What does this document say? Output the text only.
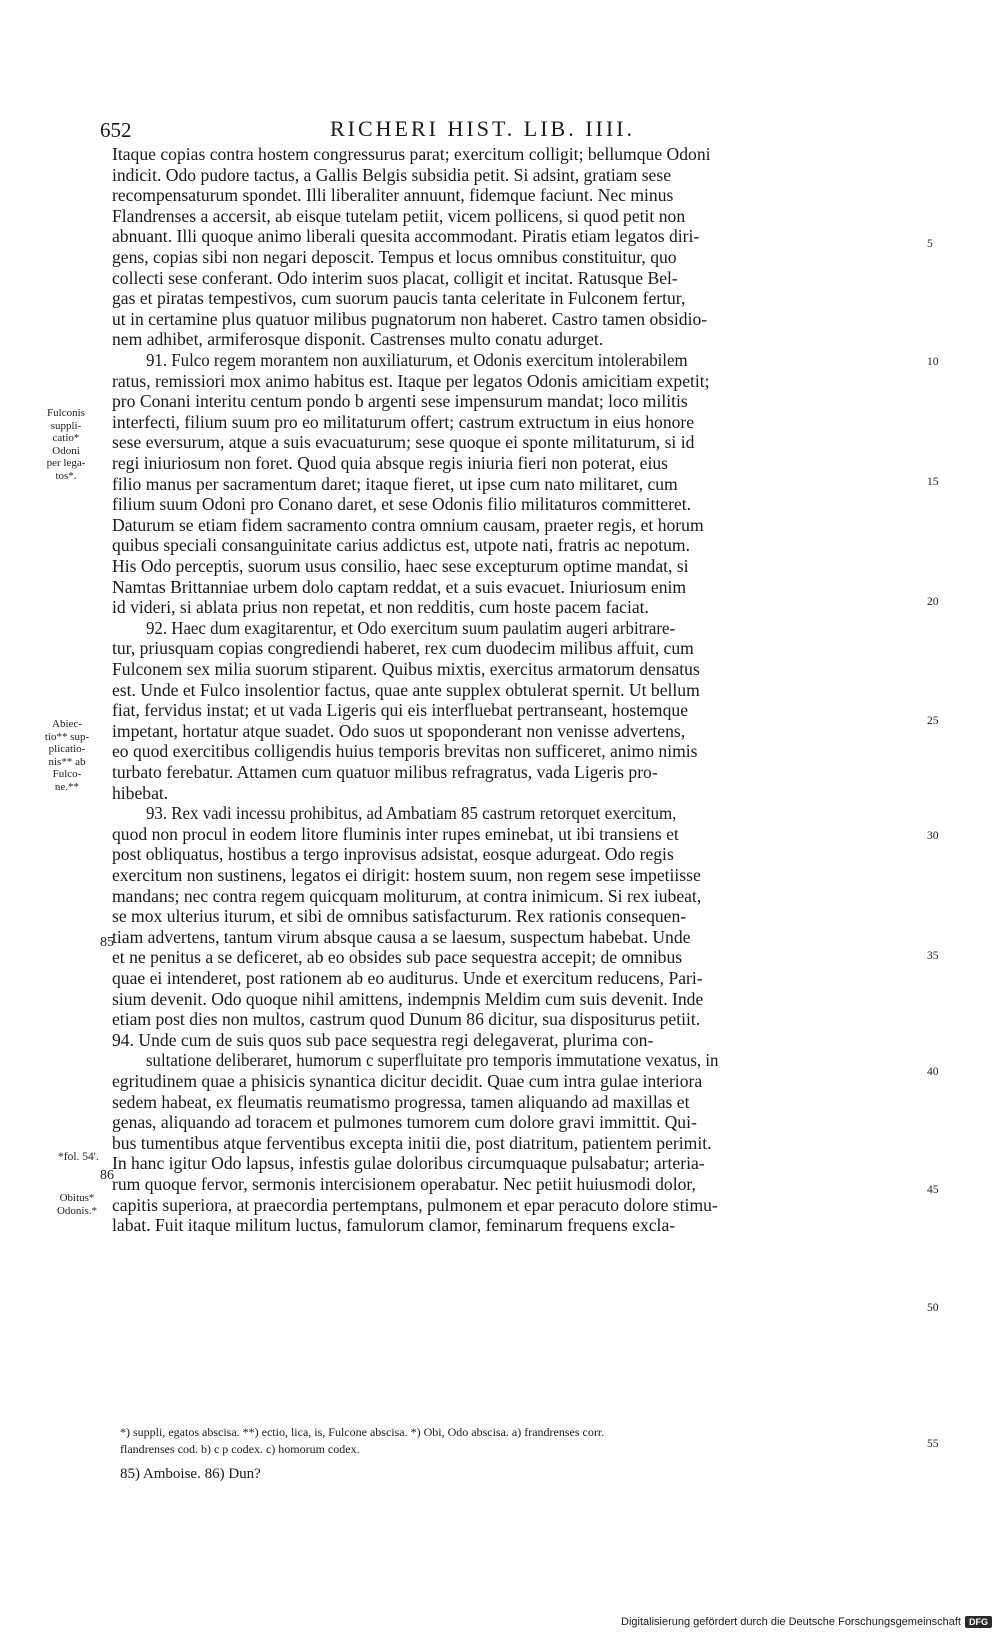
652	RICHERI HIST. LIB. IIII.
Itaque copias contra hostem congressurus parat; exercitum colligit; bellumque Odoni
indicit. Odo pudore tactus, a Gallis Belgis subsidia petit. Si adsint, gratiam sese
recompensaturum spondet. Illi liberaliter annuunt, fidemque faciunt. Nec minus
Flandrenses a accersit, ab eisque tutelam petiit, vicem pollicens, si quod petit non
abnuant. Illi quoque animo liberali quesita accommodant. Piratis etiam legatos diri-
gens, copias sibi non negari deposcit. Tempus et locus omnibus constituitur, quo
collecti sese conferant. Odo interim suos placat, colligit et incitat. Ratusque Bel-
gas et piratas tempestivos, cum suorum paucis tanta celeritate in Fulconem fertur,
ut in certamine plus quatuor milibus pugnatorum non haberet. Castro tamen obsidio-
nem adhibet, armiferosque disponit. Castrenses multo conatu adurget.
91. Fulco regem morantem non auxiliaturum, et Odonis exercitum intolerabilem
ratus, remissiori mox animo habitus est. Itaque per legatos Odonis amicitiam expetit;
pro Conani interitu centum pondo b argenti sese impensurum mandat; loco militis
interfecti, filium suum pro eo militaturum offert; castrum extructum in eius honore
sese eversurum, atque a suis evacuaturum; sese quoque ei sponte militaturum, si id
regi iniuriosum non foret. Quod quia absque regis iniuria fieri non poterat, eius
filio manus per sacramentum daret; itaque fieret, ut ipse cum nato militaret, cum
filium suum Odoni pro Conano daret, et sese Odonis filio militaturos committeret.
Daturum se etiam fidem sacramento contra omnium causam, praeter regis, et horum
quibus speciali consanguinitate carius addictus est, utpote nati, fratris ac nepotum.
His Odo perceptis, suorum usus consilio, haec sese excepturum optime mandat, si
Namtas Brittanniae urbem dolo captam reddat, et a suis evacuet. Iniuriosum enim
id videri, si ablata prius non repetat, et non redditis, cum hoste pacem faciat.
92. Haec dum exagitarentur, et Odo exercitum suum paulatim augeri arbitrare-
tur, priusquam copias congrediendi haberet, rex cum duodecim milibus affuit, cum
Fulconem sex milia suorum stiparent. Quibus mixtis, exercitus armatorum densatus
est. Unde et Fulco insolentior factus, quae ante supplex obtulerat spernit. Ut bellum
fiat, fervidus instat; et ut vada Ligeris qui eis interfluebat pertranseant, hostemque
impetant, hortatur atque suadet. Odo suos ut spoponderant non venisse advertens,
eo quod exercitibus colligendis huius temporis brevitas non sufficeret, animo nimis
turbato ferebatur. Attamen cum quatuor milibus refragratus, vada Ligeris pro-
hibebat.
93. Rex vadi incessu prohibitus, ad Ambatiam 85 castrum retorquet exercitum,
quod non procul in eodem litore fluminis inter rupes eminebat, ut ibi transiens et
post obliquatus, hostibus a tergo inprovisus adsistat, eosque adurgeat. Odo regis
exercitum non sustinens, legatos ei dirigit: hostem suum, non regem sese impetiisse
mandans; nec contra regem quicquam moliturum, at contra inimicum. Si rex iubeat,
se mox ulterius iturum, et sibi de omnibus satisfacturum. Rex rationis consequen-
tiam advertens, tantum virum absque causa a se laesum, suspectum habebat. Unde
et ne penitus a se deficeret, ab eo obsides sub pace sequestra accepit; de omnibus
quae ei intenderet, post rationem ab eo auditurus. Unde et exercitum reducens, Pari-
sium devenit. Odo quoque nihil amittens, indempnis Meldim cum suis devenit. Inde
etiam post dies non multos, castrum quod Dunum 86 dicitur, sua dispositurus petiit.
94. Unde cum de suis quos sub pace sequestra regi delegaverat, plurima con-
sultatione deliberaret, humorum c superfluitate pro temporis immutatione vexatus, in
egritudinem quae a phisicis synantica dicitur decidit. Quae cum intra gulae interiora
sedem habeat, ex fleumatis reumatismo progressa, tamen aliquando ad maxillas et
genas, aliquando ad toracem et pulmones tumorem cum dolore gravi immittit. Qui-
bus tumentibus atque ferventibus excepta initii die, post diatritum, patientem perimit.
In hanc igitur Odo lapsus, infestis gulae doloribus circumquaque pulsabatur; arteria-
rum quoque fervor, sermonis intercisionem operabatur. Nec petiit huiusmodi dolor,
capitis superiora, at praecordia pertemptans, pulmonem et epar peracuto dolore stimu-
labat. Fuit itaque militum luctus, famulorum clamor, feminarum frequens excla-
Fulconis
suppli-
catio*
Odoni
per lega-
tos*.
Abiec-
tio** sup-
plicatio-
nis** ab
Fulco-
ne.**
Obitus*
Odonis.*
85
*fol. 54'.
86
5
10
15
20
25
30
35
40
45
50
55
*) suppli, egatos abscisa. **) ectio, lica, is, Fulcone abscisa. *) Obi, Odo abscisa. a) frandrenses corr.
flandrenses cod. b) c p codex. c) homorum codex.
85) Amboise. 86) Dun?
Digitalisierung gefördert durch die Deutsche Forschungsgemeinschaft DFG
